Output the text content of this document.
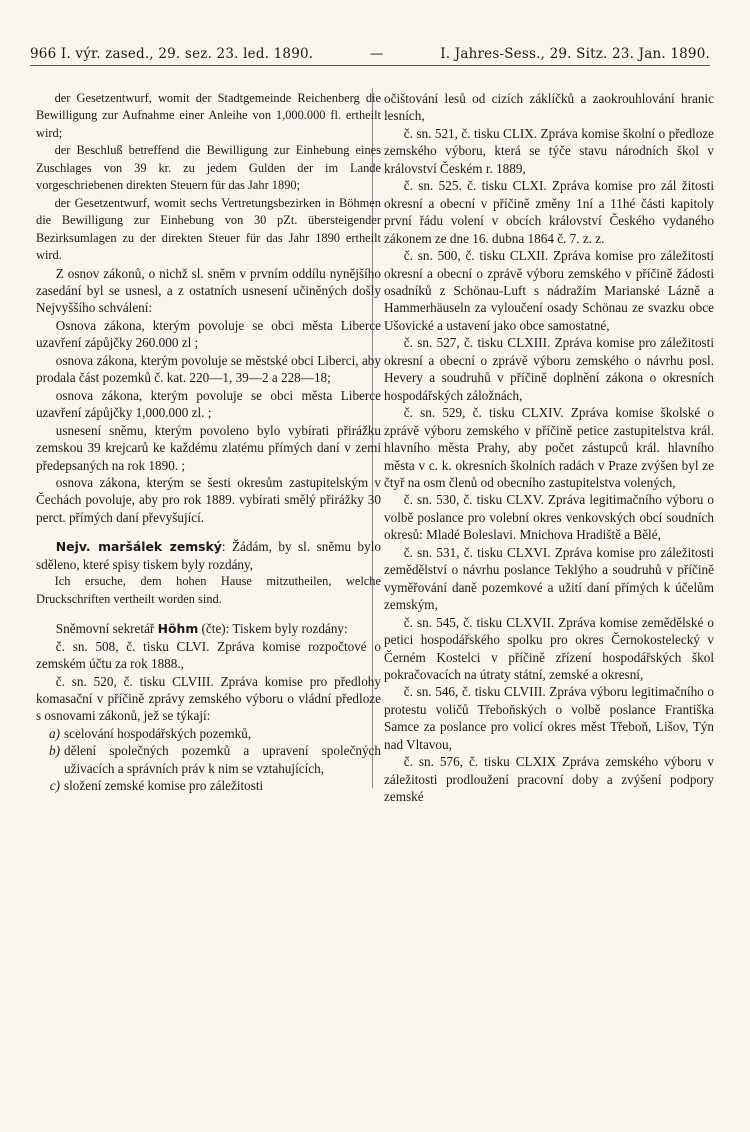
966 I. výr. zased., 29. sez. 23. led. 1890.	—	I. Jahres-Sess., 29. Sitz. 23. Jan. 1890.

der Gesetzentwurf, womit der Stadtgemeinde Reichenberg die Bewilligung zur Aufnahme einer Anleihe von 1,000.000 fl. ertheilt wird;

der Beschluß betreffend die Bewilligung zur Einhebung eines Zuschlages von 39 kr. zu jedem Gulden der im Lande vorgeschriebenen direkten Steuern für das Jahr 1890;

der Gesetzentwurf, womit sechs Vertretungsbezirken in Böhmen die Bewilligung zur Einhebung von 30 pZt. übersteigender Bezirksumlagen zu der direkten Steuer für das Jahr 1890 ertheilt wird.

Z osnov zákonů, o nichž sl. sněm v prvním oddílu nynějšího zasedání byl se usnesl, a z ostatních usnesení učiněných došly Nejvyššího schválení:

Osnova zákona, kterým povoluje se obci města Liberce uzavření zápůjčky 260.000 zl ;

osnova zákona, kterým povoluje se městské obci Liberci, aby prodala část pozemků č. kat. 220—1, 39—2 a 228—18;

osnova zákona, kterým povoluje se obci města Liberce uzavření zápůjčky 1,000.000 zl. ;

usnesení sněmu, kterým povoleno bylo vybírati přirážku zemskou 39 krejcarů ke každému zlatému přímých daní v zemi předepsaných na rok 1890. ;

osnova zákona, kterým se šesti okresům zastupitelským v Čechách povoluje, aby pro rok 1889. vybírati smělý přirážky 30 perct. přímých daní převyšující.

Nejv. maršálek zemský: Žádám, by sl. sněmu bylo sděleno, které spisy tiskem byly rozdány,

Ich ersuche, dem hohen Hause mitzutheilen, welche Druckschriften vertheilt worden sind.

Sněmovní sekretář Höhm (čte): Tiskem byly rozdány:

č. sn. 508, č. tisku CLVI. Zpráva komise rozpočtové o zemském účtu za rok 1888.,

č. sn. 520, č. tisku CLVIII. Zpráva komise pro předlohy komasační v příčině zprávy zemského výboru o vládní předloze s osnovami zákonů, jež se týkají:

a) scelování hospodářských pozemků,
b) dělení společných pozemků a upravení společných uživacích a správních práv k nim se vztahujících,
c) složení zemské komise pro záležitosti

očištování lesů od cizích záklíčků a zaokrouhlování hranic lesních,

č. sn. 521, č. tisku CLIX. Zpráva komise školní o předloze zemského výboru, která se týče stavu národních škol v království Českém r. 1889,

č. sn. 525. č. tisku CLXI. Zpráva komise pro zál žitosti okresní a obecní v příčině změny 1ní a 11hé části kapitoly první řádu volení v obcích království Českého vydaného zákonem ze dne 16. dubna 1864 č. 7. z. z.

č. sn. 500, č. tisku CLXII. Zpráva komise pro záležitosti okresní a obecní o zprávě výboru zemského v příčině žádosti osadníků z Schönau-Luft s nádražím Marianské Lázně a Hammerhäuseln za vyloučení osady Schönau ze svazku obce Ušovické a ustavení jako obce samostatné,

č. sn. 527, č. tisku CLXIII. Zpráva komise pro záležitosti okresní a obecní o zprávě výboru zemského o návrhu posl. Hevery a soudruhů v příčině doplnění zákona o okresních hospodářských záložnách,

č. sn. 529, č. tisku CLXIV. Zpráva komise školské o zprávě výboru zemského v příčině petice zastupitelstva král. hlavního města Prahy, aby počet zástupců král. hlavního města v c. k. okresních školních radách v Praze zvýšen byl ze čtyř na osm členů od obecního zastupitelstva volených,

č. sn. 530, č. tisku CLXV. Zpráva legitimačního výboru o volbě poslance pro volební okres venkovských obcí soudních okresů: Mladé Boleslavi. Mnichova Hradiště a Bělé,

č. sn. 531, č. tisku CLXVI. Zpráva komise pro záležitosti zemědělství o návrhu poslance Teklýho a soudruhů v příčině vyměřování daně pozemkové a užití daní přímých k účelům zemským,

č. sn. 545, č. tisku CLXVII. Zpráva komise zemědělské o petici hospodářského spolku pro okres Černokostelecký v Černém Kostelci v příčině zřízení hospodářských škol pokračovacích na útraty státní, zemské a okresní,

č. sn. 546, č. tisku CLVIII. Zpráva výboru legitimačního o protestu voličů Třeboňských o volbě poslance Františka Samce za poslance pro volicí okres měst Třeboň, Lišov, Týn nad Vltavou,

č. sn. 576, č. tisku CLXIX Zpráva zemského výboru v záležitosti prodloužení pracovní doby a zvýšení podpory zemské
